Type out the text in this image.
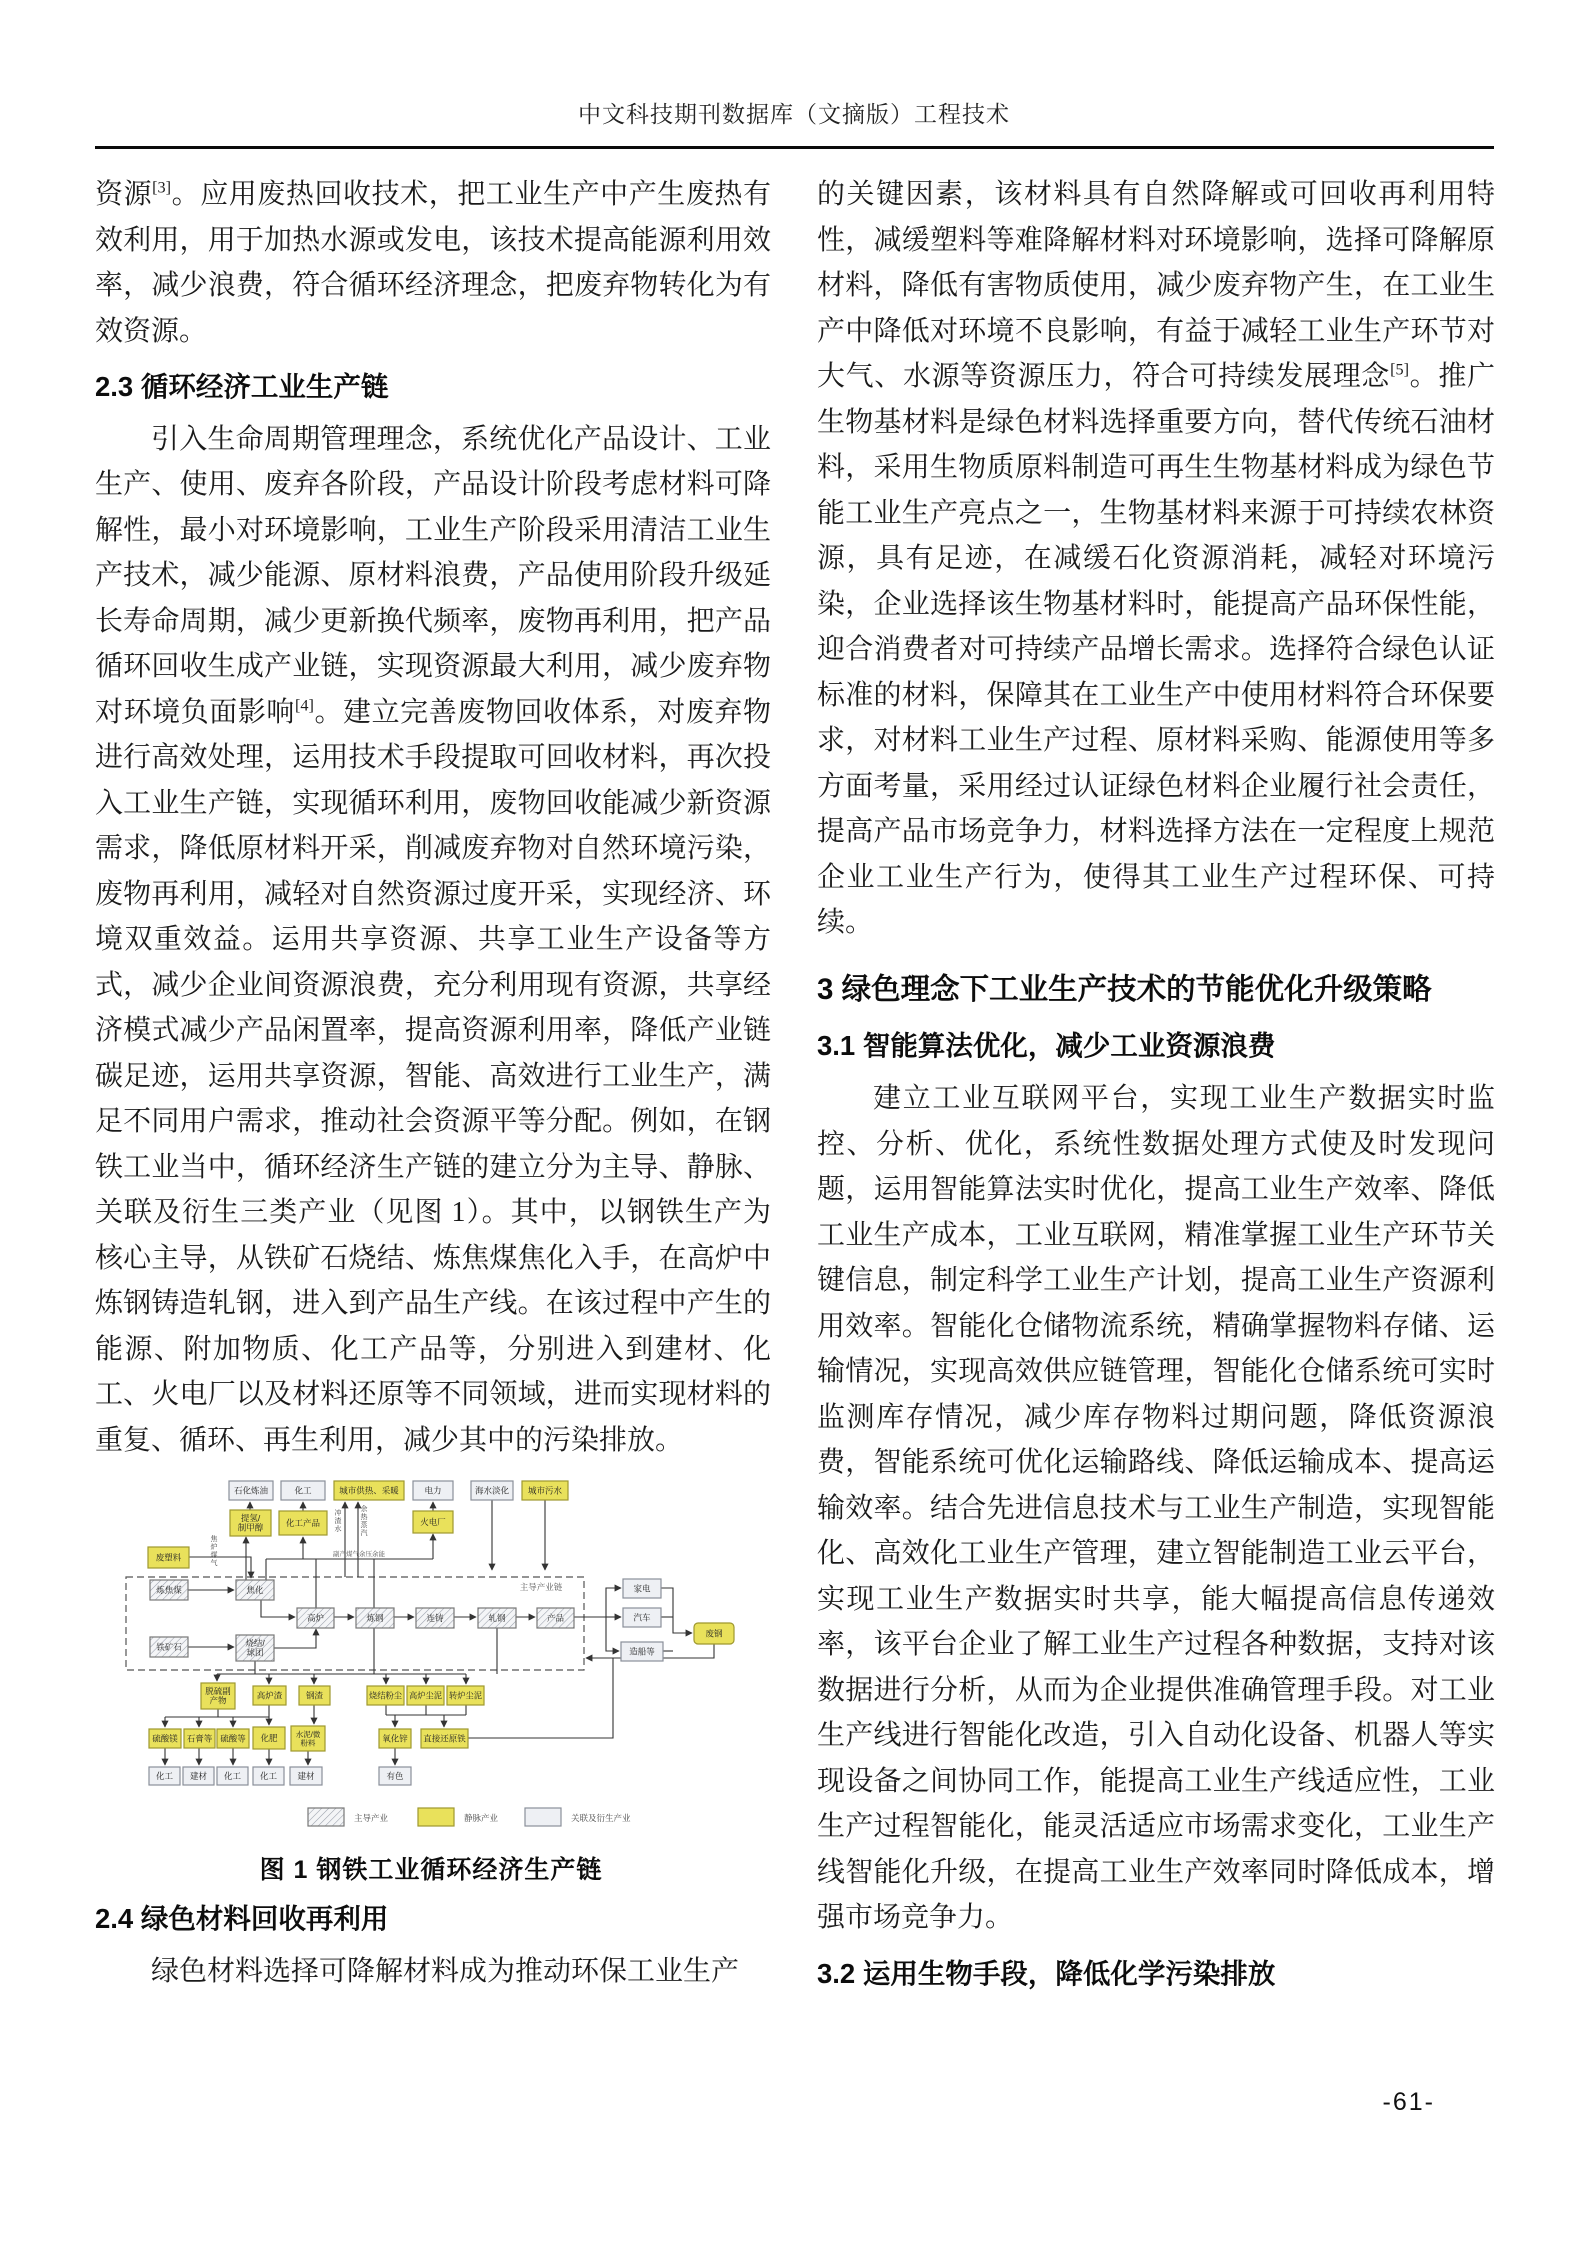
中文科技期刊数据库（文摘版）工程技术

资源[3]。应用废热回收技术，把工业生产中产生废热有效利用，用于加热水源或发电，该技术提高能源利用效率，减少浪费，符合循环经济理念，把废弃物转化为有效资源。

2.3 循环经济工业生产链

引入生命周期管理理念，系统优化产品设计、工业生产、使用、废弃各阶段，产品设计阶段考虑材料可降解性，最小对环境影响，工业生产阶段采用清洁工业生产技术，减少能源、原材料浪费，产品使用阶段升级延长寿命周期，减少更新换代频率，废物再利用，把产品循环回收生成产业链，实现资源最大利用，减少废弃物对环境负面影响[4]。建立完善废物回收体系，对废弃物进行高效处理，运用技术手段提取可回收材料，再次投入工业生产链，实现循环利用，废物回收能减少新资源需求，降低原材料开采，削减废弃物对自然环境污染，废物再利用，减轻对自然资源过度开采，实现经济、环境双重效益。运用共享资源、共享工业生产设备等方式，减少企业间资源浪费，充分利用现有资源，共享经济模式减少产品闲置率，提高资源利用率，降低产业链碳足迹，运用共享资源，智能、高效进行工业生产，满足不同用户需求，推动社会资源平等分配。例如，在钢铁工业当中，循环经济生产链的建立分为主导、静脉、关联及衍生三类产业（见图 1）。其中，以钢铁生产为核心主导，从铁矿石烧结、炼焦煤焦化入手，在高炉中炼钢铸造轧钢，进入到产品生产线。在该过程中产生的能源、附加物质、化工产品等，分别进入到建材、化工、火电厂以及材料还原等不同领域，进而实现材料的重复、循环、再生利用，减少其中的污染排放。

石化炼油	化工	城市供热、采暖	电力	海水淡化 城市污水
提氢/
制甲醇	化工产品	火电厂
废塑料
炼焦煤	焦化
铁矿石	烧结/
球团
高炉	炼钢	连铸	轧钢	产品
家电
汽车
造船等
废钢
脱硫副
产物
高炉渣	钢渣	烧结粉尘 高炉尘泥 转炉尘泥
硫酸镁 石膏等 硫酸等 化肥 水泥/微
粉料	氧化锌 直接还原铁
化工 建材 化工 化工 建材	有色
冲渣水
余热蒸汽
副产煤气余压余能
焦炉煤气
主导产业链
主导产业	静脉产业	关联及衍生产业
图 1 钢铁工业循环经济生产链
2.4 绿色材料回收再利用

绿色材料选择可降解材料成为推动环保工业生产

的关键因素，该材料具有自然降解或可回收再利用特性，减缓塑料等难降解材料对环境影响，选择可降解原材料，降低有害物质使用，减少废弃物产生，在工业生产中降低对环境不良影响，有益于减轻工业生产环节对大气、水源等资源压力，符合可持续发展理念[5]。推广生物基材料是绿色材料选择重要方向，替代传统石油材料，采用生物质原料制造可再生生物基材料成为绿色节能工业生产亮点之一，生物基材料来源于可持续农林资源，具有足迹，在减缓石化资源消耗，减轻对环境污染，企业选择该生物基材料时，能提高产品环保性能，迎合消费者对可持续产品增长需求。选择符合绿色认证标准的材料，保障其在工业生产中使用材料符合环保要求，对材料工业生产过程、原材料采购、能源使用等多方面考量，采用经过认证绿色材料企业履行社会责任，提高产品市场竞争力，材料选择方法在一定程度上规范企业工业生产行为，使得其工业生产过程环保、可持续。

3 绿色理念下工业生产技术的节能优化升级策略
3.1 智能算法优化，减少工业资源浪费

建立工业互联网平台，实现工业生产数据实时监控、分析、优化，系统性数据处理方式使及时发现问题，运用智能算法实时优化，提高工业生产效率、降低工业生产成本，工业互联网，精准掌握工业生产环节关键信息，制定科学工业生产计划，提高工业生产资源利用效率。智能化仓储物流系统，精确掌握物料存储、运输情况，实现高效供应链管理，智能化仓储系统可实时监测库存情况，减少库存物料过期问题，降低资源浪费，智能系统可优化运输路线、降低运输成本、提高运输效率。结合先进信息技术与工业生产制造，实现智能化、高效化工业生产管理，建立智能制造工业云平台，实现工业生产数据实时共享，能大幅提高信息传递效率，该平台企业了解工业生产过程各种数据，支持对该数据进行分析，从而为企业提供准确管理手段。对工业生产线进行智能化改造，引入自动化设备、机器人等实现设备之间协同工作，能提高工业生产线适应性，工业生产过程智能化，能灵活适应市场需求变化，工业生产线智能化升级，在提高工业生产效率同时降低成本，增强市场竞争力。

3.2 运用生物手段，降低化学污染排放
-61-
